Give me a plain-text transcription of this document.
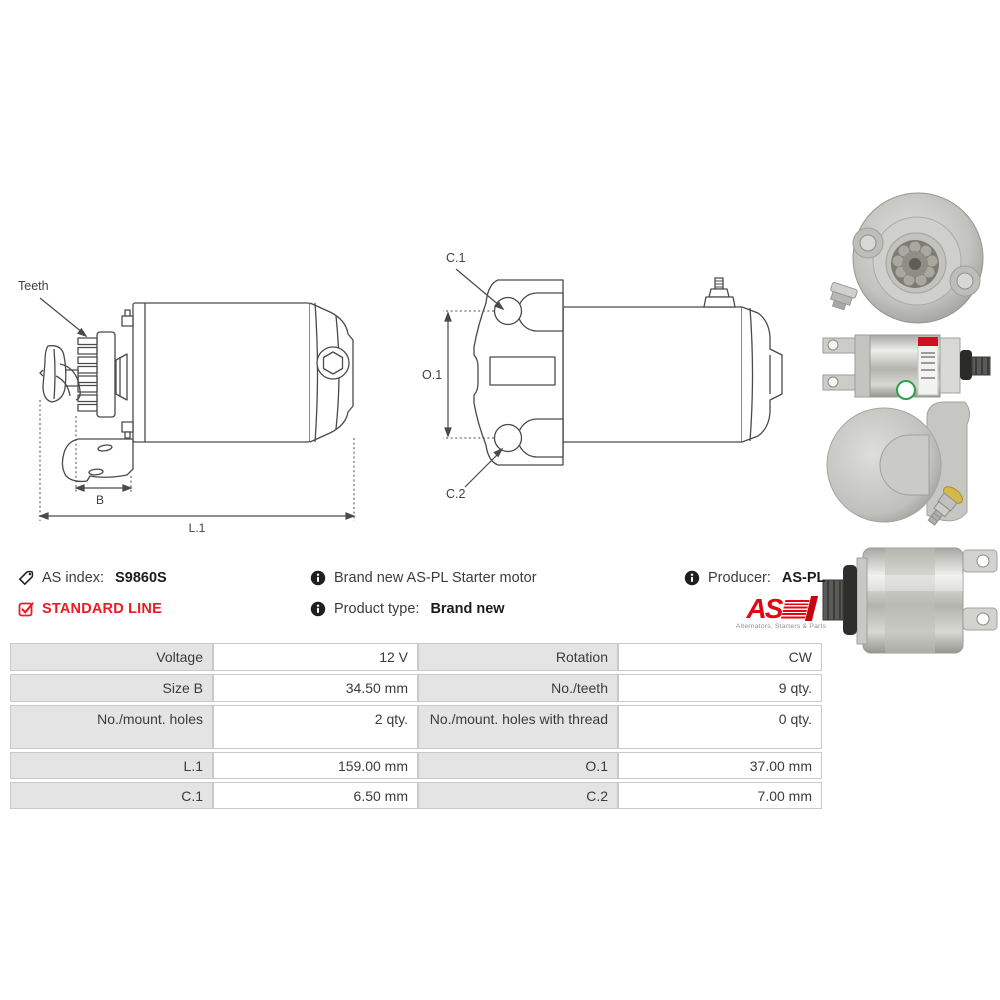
B
L.1
Teeth
O.1
C.1
C.2
AS index: S9860S
STANDARD LINE
Brand new AS-PL Starter motor
Product type: Brand new
Producer: AS-PL
AS
Alternators, Starters & Parts
Voltage	12 V	Rotation	CW
Size B	34.50 mm	No./teeth	9 qty.
No./mount. holes	2 qty.	No./mount. holes with thread	0 qty.
L.1	159.00 mm	O.1	37.00 mm
C.1	6.50 mm	C.2	7.00 mm
